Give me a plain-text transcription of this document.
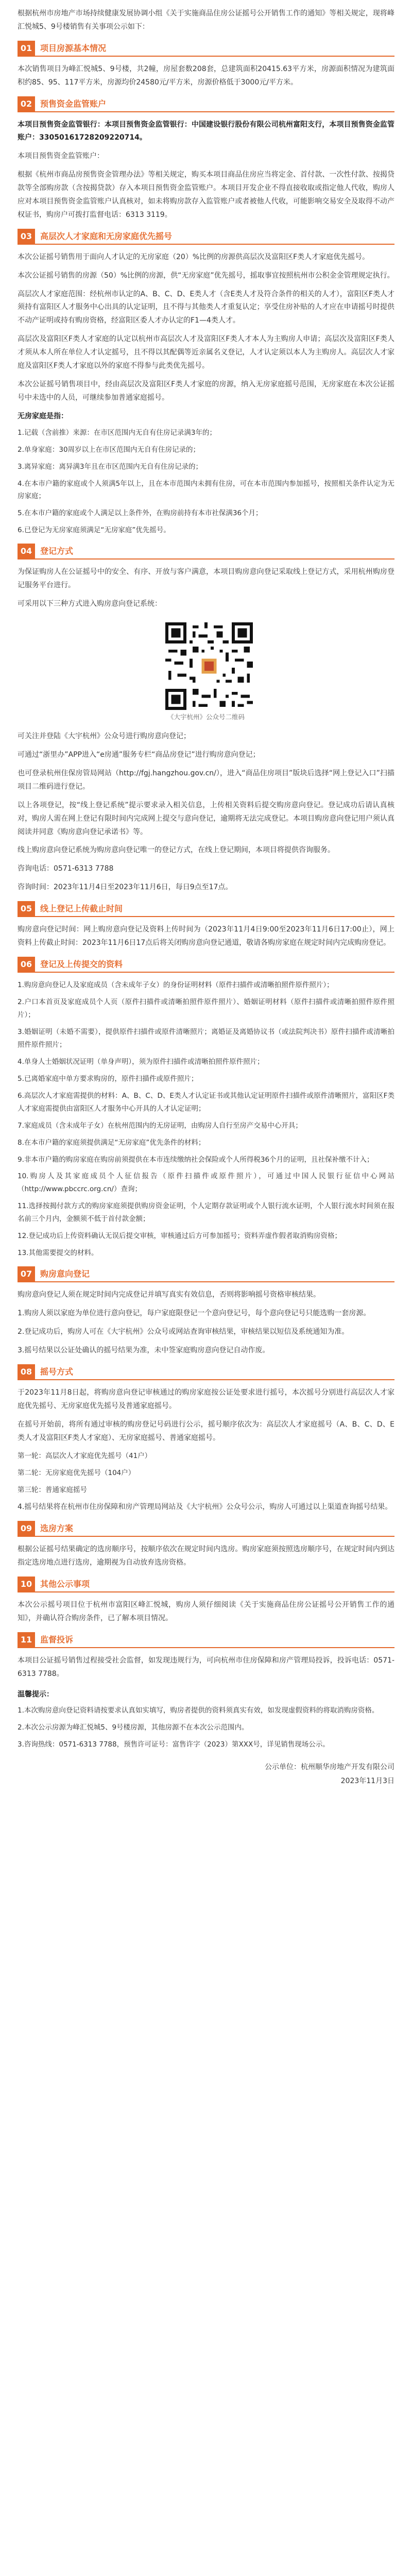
根据杭州市房地产市场持续健康发展协调小组《关于实施商品住房公证摇号公开销售工作的通知》等相关规定，现将峰汇悦城5、9号楼销售有关事项公示如下：

01 项目房源基本情况

本次销售项目为峰汇悦城5、9号楼，共2幢，房屋套数208套，总建筑面积20415.63平方米，房源面积情况为建筑面积约85、95、117平方米，房源均价24580元/平方米，房源价格低于3000元/平方米。

02 预售资金监管账户

本项目预售资金监管银行：本项目预售资金监管银行：中国建设银行股份有限公司杭州富阳支行，本项目预售资金监管账户：33050161728209220714。

本项目预售资金监管账户：

根据《杭州市商品房预售资金管理办法》等相关规定，购买本项目商品住房应当将定金、首付款、一次性付款、按揭贷款等全部购房款（含按揭贷款）存入本项目预售资金监管账户。本项目开发企业不得直接收取或指定他人代收，购房人应对本项目预售资金监管账户认真核对，如未将购房款存入监管账户或者被他人代收，可能影响交易安全及取得不动产权证书，购房户可拨打监督电话：6313 3119。

03 高层次人才家庭和无房家庭优先摇号

本次公证摇号销售用于面向人才认定的无房家庭（20）%比例的房源供高层次及富阳区F类人才家庭优先摇号。

本次公证摇号销售的房源（50）%比例的房源，供“无房家庭”优先摇号，摇取事宜按照杭州市公积金金管理规定执行。

高层次人才家庭范围：经杭州市认定的A、B、C、D、E类人才（含E类人才及符合条件的相关的人才），富阳区F类人才须持有富阳区人才服务中心出具的认定证明，且不得与其他类人才重复认定；享受住房补贴的人才应在申请摇号时提供不动产证明或持有购房资格，经富阳区委人才办认定的F1—4类人才。

高层次及富阳区F类人才家庭的认定以杭州市高层次人才及富阳区F类人才本人为主购房人申请；高层次及富阳区F类人才须从本人所在单位人才认定摇号，且不得以其配偶等近亲属名义登记，人才认定须以本人为主购房人。高层次人才家庭及富阳区F类人才家庭以外的家庭不得参与此类优先摇号。

本次公证摇号销售项目中，经由高层次及富阳区F类人才家庭的房源，纳入无房家庭摇号范围，无房家庭在本次公证摇号中未选中的人员，可继续参加普通家庭摇号。

无房家庭是指：

1.记载（含前推）来源：在市区范围内无自有住房记录满3年的；

2.单身家庭：30周岁以上在市区范围内无自有住房记录的；

3.离异家庭：离异满3年且在市区范围内无自有住房记录的；

4.在本市户籍的家庭或个人须满5年以上，且在本市范围内未拥有住房，可在本市范围内参加摇号，按照相关条件认定为无房家庭；

5.在本市户籍的家庭或个人满足以上条件外，在购房前持有本市社保满36个月；

6.已登记为无房家庭须满足“无房家庭”优先摇号。

04 登记方式

为保证购房人在公证摇号中的安全、有序、开放与客户满意，本项目购房意向登记采取线上登记方式，采用杭州购房登记服务平台进行。

可采用以下三种方式进入购房意向登记系统：

《大宇杭州》公众号二维码

可关注并登陆《大宇杭州》公众号进行购房意向登记；

可通过“浙里办”APP进入“e房通”服务专栏“商品房登记”进行购房意向登记；

也可登录杭州住保房管局网站（http://fgj.hangzhou.gov.cn/），进入“商品住房项目”版块后选择“网上登记入口”扫描项目二维码进行登记。

以上各项登记，按“线上登记系统”提示要求录入相关信息，上传相关资料后提交购房意向登记。登记成功后请认真核对，购房人需在网上登记有限时间内完成网上提交与意向登记，逾期将无法完成登记。本项目购房意向登记用户须认真阅读并同意《购房意向登记承诺书》等。

线上购房意向登记系统为购房意向登记唯一的登记方式，在线上登记期间，本项目将提供咨询服务。

咨询电话：0571-6313 7788

咨询时间：2023年11月4日至2023年11月6日，每日9点至17点。

05 线上登记上传截止时间

购房意向登记时间：网上购房意向登记及资料上传时间为（2023年11月4日9:00至2023年11月6日17:00止），网上资料上传截止时间：2023年11月6日17点后将关闭购房意向登记通道，敬请各购房家庭在规定时间内完成购房登记。

06 登记及上传提交的资料

1.购房意向登记人及家庭成员（含未成年子女）的身份证明材料（原件扫描件或清晰拍照件原件照片）；

2.户口本首页及家庭成员个人页（原件扫描件或清晰拍照件原件照片）、婚姻证明材料（原件扫描件或清晰拍照件原件照片）；

3.婚姻证明（未婚不需要），提供原件扫描件或原件清晰照片；离婚证及离婚协议书（或法院判决书）原件扫描件或清晰拍照件原件照片；

4.单身人士婚姻状况证明（单身声明），须为原件扫描件或清晰拍照件原件照片；

5.已离婚家庭中单方要求购房的，原件扫描件或原件照片；

6.高层次人才家庭需提供的材料：A、B、C、D、E类人才认定证书或其他认定证明原件扫描件或原件清晰照片，富阳区F类人才家庭需提供由富阳区人才服务中心开具的人才认定证明；

7.家庭成员（含未成年子女）在杭州范围内的无房证明，由购房人自行至房产交易中心开具；

8.在本市户籍的家庭须提供满足“无房家庭”优先条件的材料；

9.非本市户籍的购房家庭在购房前须提供在本市连续缴纳社会保险或个人所得税36个月的证明，且社保补缴不计入；

10.购房人及其家庭成员个人征信报告（原件扫描件或原件照片），可通过中国人民银行征信中心网站（http://www.pbccrc.org.cn/）查询；

11.选择按揭付款方式的购房家庭须提供购房资金证明，个人定期存款证明或个人银行流水证明，个人银行流水时间须在报名前三个月内，金额须不低于首付款金额；

12.登记成功后上传资料确认无误后提交审核，审核通过后方可参加摇号；资料弄虚作假者取消购房资格；

13.其他需要提交的材料。

07 购房意向登记

购房意向登记人须在规定时间内完成登记并填写真实有效信息，否则将影响摇号资格审核结果。

1.购房人须以家庭为单位进行意向登记，每户家庭限登记一个意向登记号，每个意向登记号只能选购一套房源。

2.登记成功后，购房人可在《大宇杭州》公众号或网站查询审核结果，审核结果以短信及系统通知为准。

3.摇号结果以公证处确认的摇号结果为准，未中签家庭购房意向登记自动作废。

08 摇号方式

于2023年11月8日起，将购房意向登记审核通过的购房家庭按公证处要求进行摇号，本次摇号分别进行高层次人才家庭优先摇号、无房家庭优先摇号及普通家庭摇号。

在摇号开始前，将所有通过审核的购房登记号码进行公示，摇号顺序依次为：高层次人才家庭摇号（A、B、C、D、E类人才及富阳区F类人才家庭）、无房家庭摇号、普通家庭摇号。

第一轮：高层次人才家庭优先摇号（41户）

第二轮：无房家庭优先摇号（104户）

第三轮：普通家庭摇号

4.摇号结果将在杭州市住房保障和房产管理局网站及《大宇杭州》公众号公示，购房人可通过以上渠道查询摇号结果。

09 选房方案

根据公证摇号结果确定的选房顺序号，按顺序依次在规定时间内选房。购房家庭须按照选房顺序号，在规定时间内到达指定选房地点进行选房，逾期视为自动放弃选房资格。

10 其他公示事项

本次公示摇号项目位于杭州市富阳区峰汇悦城，购房人须仔细阅读《关于实施商品住房公证摇号公开销售工作的通知》，并确认符合购房条件，已了解本项目情况。

11 监督投诉

本项目公证摇号销售过程接受社会监督，如发现违规行为，可向杭州市住房保障和房产管理局投诉，投诉电话：0571-6313 7788。

温馨提示：

1.本次购房意向登记资料请按要求认真如实填写，购房者提供的资料须真实有效，如发现虚假资料的将取消购房资格。

2.本次公示房源为峰汇悦城5、9号楼房源，其他房源不在本次公示范围内。

3.咨询热线：0571-6313 7788，预售许可证号：富售许字（2023）第XXX号，详见销售现场公示。

公示单位：杭州顺华房地产开发有限公司
2023年11月3日
